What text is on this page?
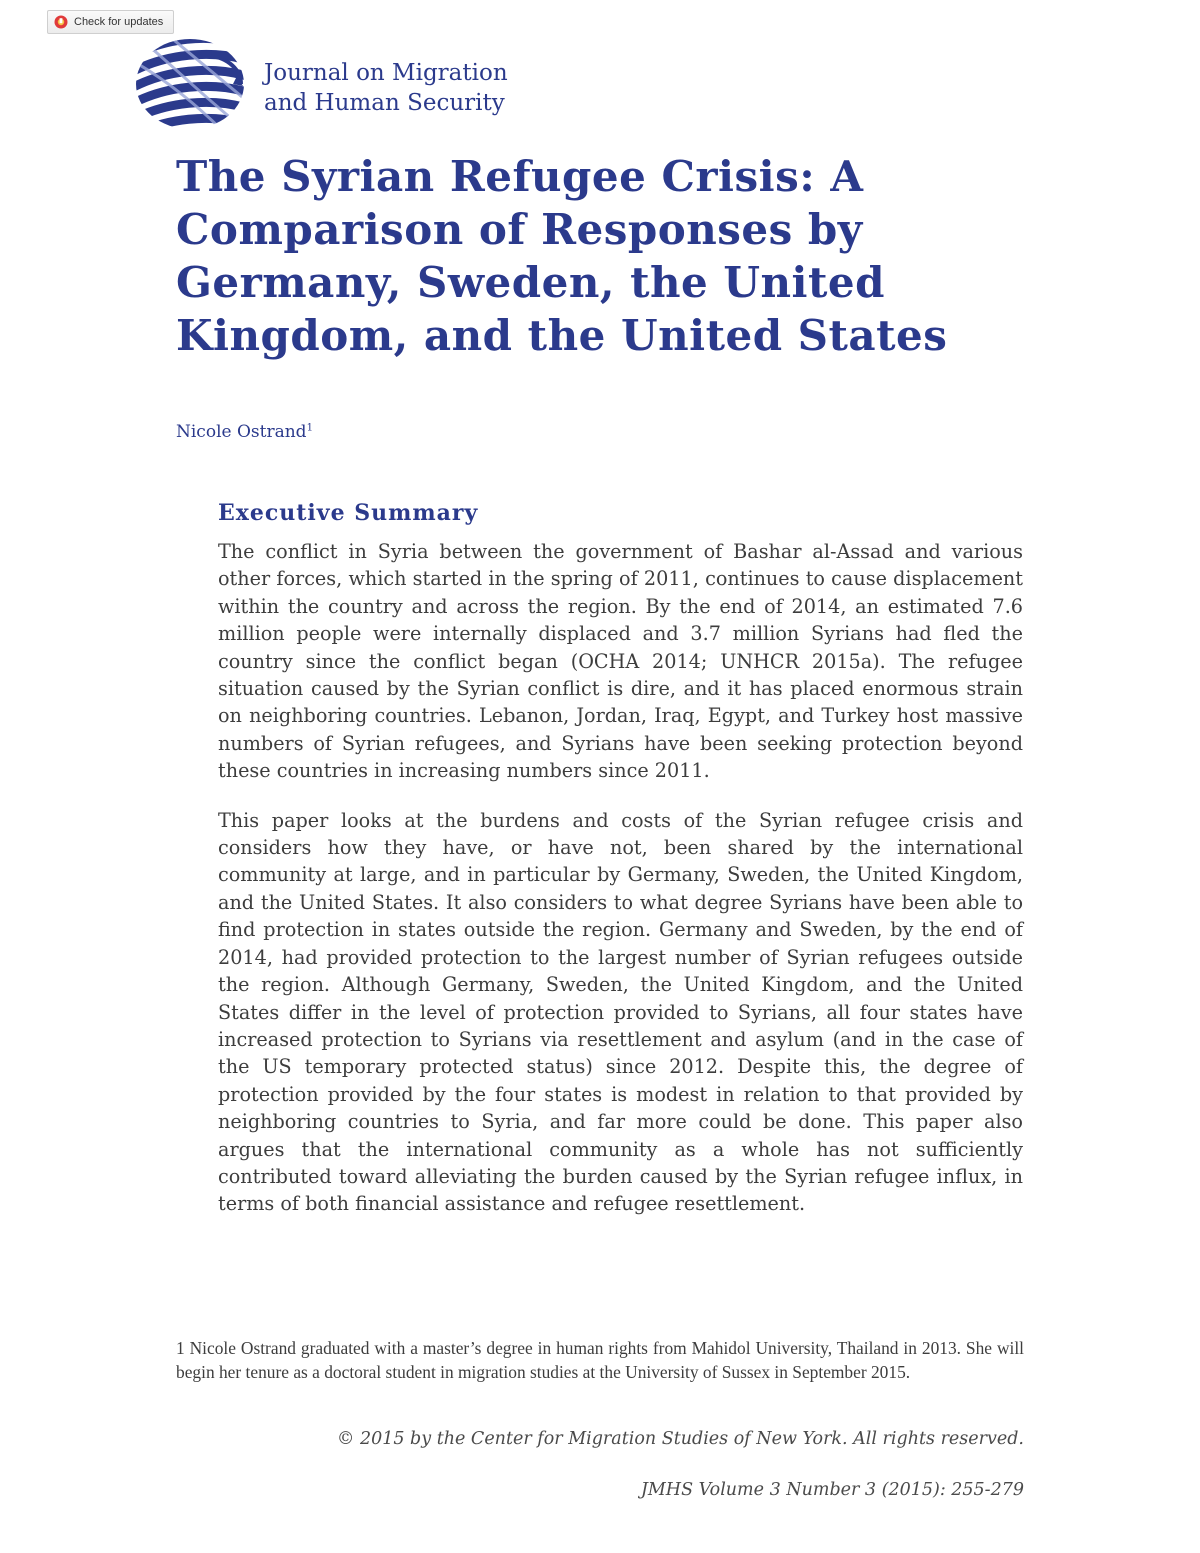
Check for updates
Journal on Migration
and Human Security
The Syrian Refugee Crisis: A Comparison of Responses by Germany, Sweden, the United Kingdom, and the United States
Nicole Ostrand$^1$
Executive Summary

The conflict in Syria between the government of Bashar al-Assad and various other forces, which started in the spring of 2011, continues to cause displacement within the country and across the region. By the end of 2014, an estimated 7.6 million people were internally displaced and 3.7 million Syrians had fled the country since the conflict began (OCHA 2014; UNHCR 2015a). The refugee situation caused by the Syrian conflict is dire, and it has placed enormous strain on neighboring countries. Lebanon, Jordan, Iraq, Egypt, and Turkey host massive numbers of Syrian refugees, and Syrians have been seeking protection beyond these countries in increasing numbers since 2011.

This paper looks at the burdens and costs of the Syrian refugee crisis and considers how they have, or have not, been shared by the international community at large, and in particular by Germany, Sweden, the United Kingdom, and the United States. It also considers to what degree Syrians have been able to find protection in states outside the region. Germany and Sweden, by the end of 2014, had provided protection to the largest number of Syrian refugees outside the region. Although Germany, Sweden, the United Kingdom, and the United States differ in the level of protection provided to Syrians, all four states have increased protection to Syrians via resettlement and asylum (and in the case of the US temporary protected status) since 2012. Despite this, the degree of protection provided by the four states is modest in relation to that provided by neighboring countries to Syria, and far more could be done. This paper also argues that the international community as a whole has not sufficiently contributed toward alleviating the burden caused by the Syrian refugee influx, in terms of both financial assistance and refugee resettlement.

1 Nicole Ostrand graduated with a master’s degree in human rights from Mahidol University, Thailand in 2013. She will begin her tenure as a doctoral student in migration studies at the University of Sussex in September 2015.

© 2015 by the Center for Migration Studies of New York. All rights reserved.
JMHS Volume 3 Number 3 (2015): 255-279
